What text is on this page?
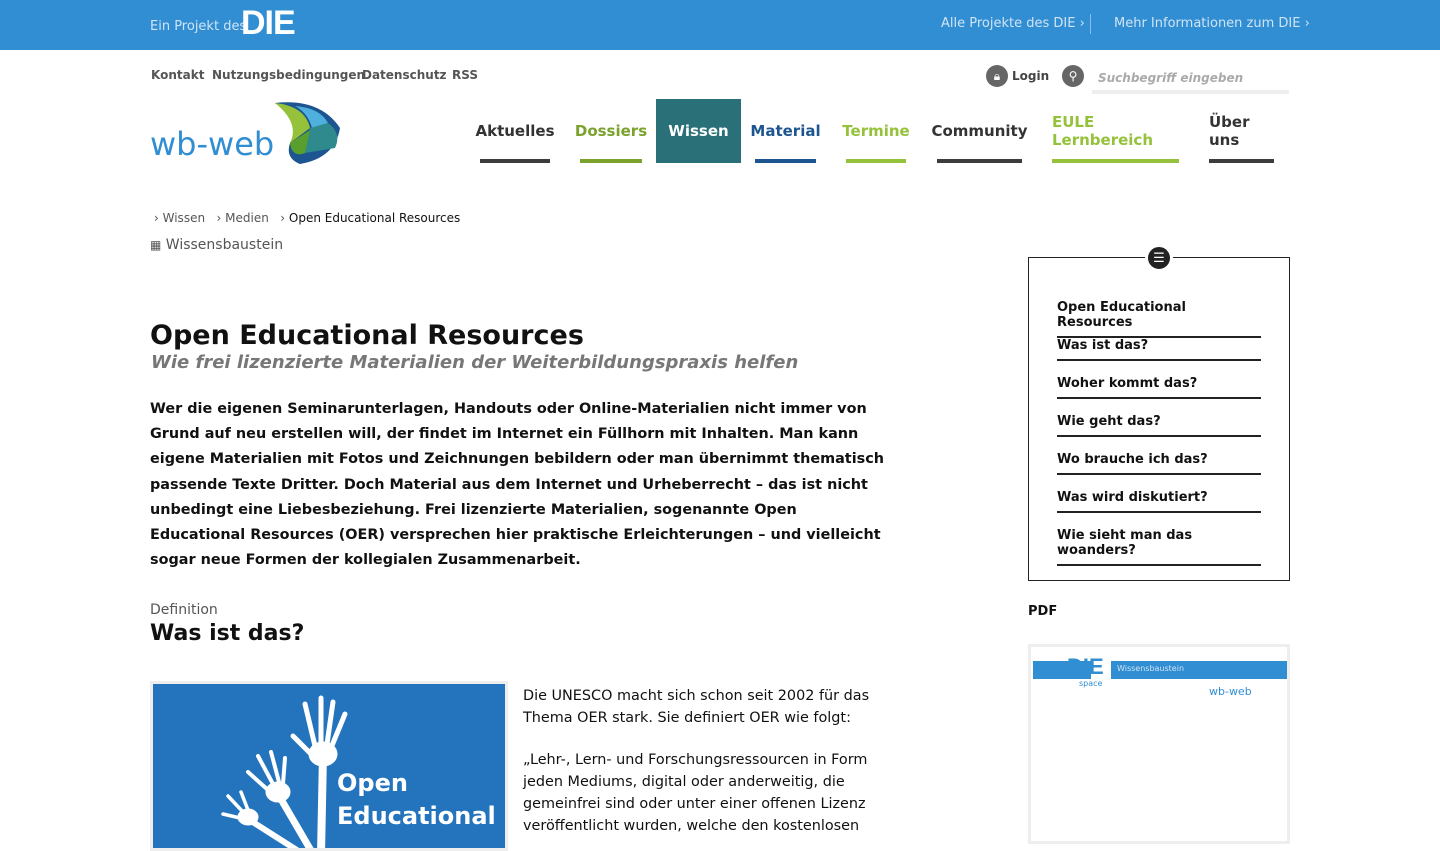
Ein Projekt des
DIE	Alle Projekte des DIE › Mehr Informationen zum DIE ›
Kontakt Nutzungsbedingungen
Datenschutz RSS	🔒︎ Login	⚲
Suchbegriff eingeben
wb-web	Aktuelles Dossiers Wissen Material Termine Community EULE Lernbereich
Über uns
› Wissen   › Medien   › Open Educational Resources
▦ Wissensbaustein
Open Educational Resources
Wie frei lizenzierte Materialien der Weiterbildungspraxis helfen

Wer die eigenen Seminarunterlagen, Handouts oder Online-Materialien nicht immer von Grund auf neu erstellen will, der findet im Internet ein Füllhorn mit Inhalten. Man kann eigene Materialien mit Fotos und Zeichnungen bebildern oder man übernimmt thematisch passende Texte Dritter. Doch Material aus dem Internet und Urheberrecht – das ist nicht unbedingt eine Liebesbeziehung. Frei lizenzierte Materialien, sogenannte Open Educational Resources (OER) versprechen hier praktische Erleichterungen – und vielleicht sogar neue Formen der kollegialen Zusammenarbeit.

Definition
Was ist das?
Open
Educational

Die UNESCO macht sich schon seit 2002 für das Thema OER stark. Sie definiert OER wie folgt:

„Lehr-, Lern- und Forschungsressourcen in Form jeden Mediums, digital oder anderweitig, die gemeinfrei sind oder unter einer offenen Lizenz veröffentlicht wurden, welche den kostenlosen

Open Educational Resources
Was ist das?
Woher kommt das?
Wie geht das?
Wo brauche ich das?
Was wird diskutiert?
Wie sieht man das woanders?
☰
PDF
DIE
space
Wissensbaustein
wb-web
